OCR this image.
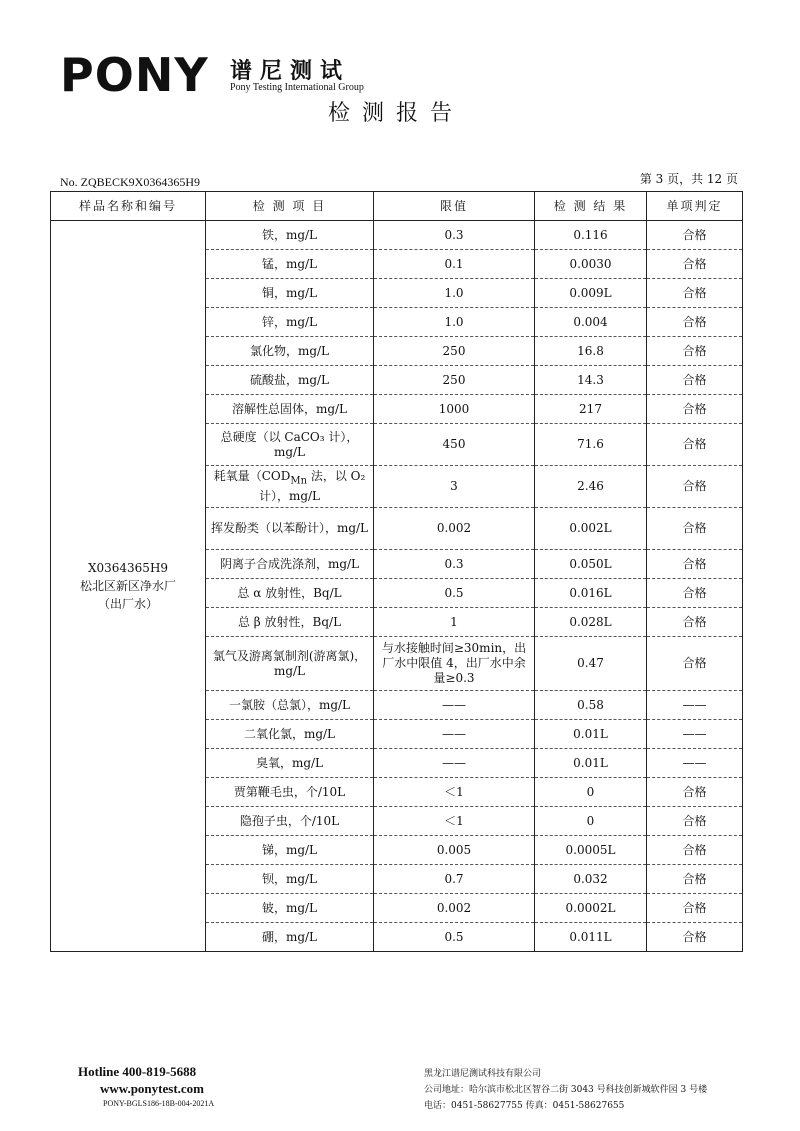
PONY 谱尼测试
Pony Testing International Group
检测报告
No. ZQBECK9X0364365H9	第 3 页，共 12 页
样品名称和编号	检 测 项 目	限值	检 测 结 果	单项判定

X0364365H9
松北区新区净水厂
（出厂水）	铁，mg/L	0.3	0.116	合格
	锰，mg/L	0.1	0.0030	合格
	铜，mg/L	1.0	0.009L	合格
	锌，mg/L	1.0	0.004	合格
	氯化物，mg/L	250	16.8	合格
	硫酸盐，mg/L	250	14.3	合格
	溶解性总固体，mg/L	1000	217	合格
	总硬度（以 CaCO₃ 计），mg/L	450	71.6	合格
	耗氧量（$COD_{Mn}$ 法，以 O₂ 计），mg/L	3	2.46	合格
	挥发酚类（以苯酚计），mg/L	0.002	0.002L	合格
	阴离子合成洗涤剂，mg/L	0.3	0.050L	合格
	总 α 放射性，Bq/L	0.5	0.016L	合格
	总 β 放射性，Bq/L	1	0.028L	合格
	氯气及游离氯制剂(游离氯)，mg/L	与水接触时间≥30min，出厂水中限值 4，出厂水中余量≥0.3	0.47	合格
	一氯胺（总氯），mg/L	——	0.58	——
	二氧化氯，mg/L	——	0.01L	——
	臭氧，mg/L	——	0.01L	——
	贾第鞭毛虫，个/10L	＜1	0	合格
	隐孢子虫，个/10L	＜1	0	合格
	锑，mg/L	0.005	0.0005L	合格
	钡，mg/L	0.7	0.032	合格
	铍，mg/L	0.002	0.0002L	合格
	硼，mg/L	0.5	0.011L	合格
Hotline 400-819-5688
www.ponytest.com
PONY-BGLS186-18B-004-2021A
黑龙江谱尼测试科技有限公司
公司地址：哈尔滨市松北区智谷二街 3043 号科技创新城软件园 3 号楼
电话：0451-58627755 传真：0451-58627655
